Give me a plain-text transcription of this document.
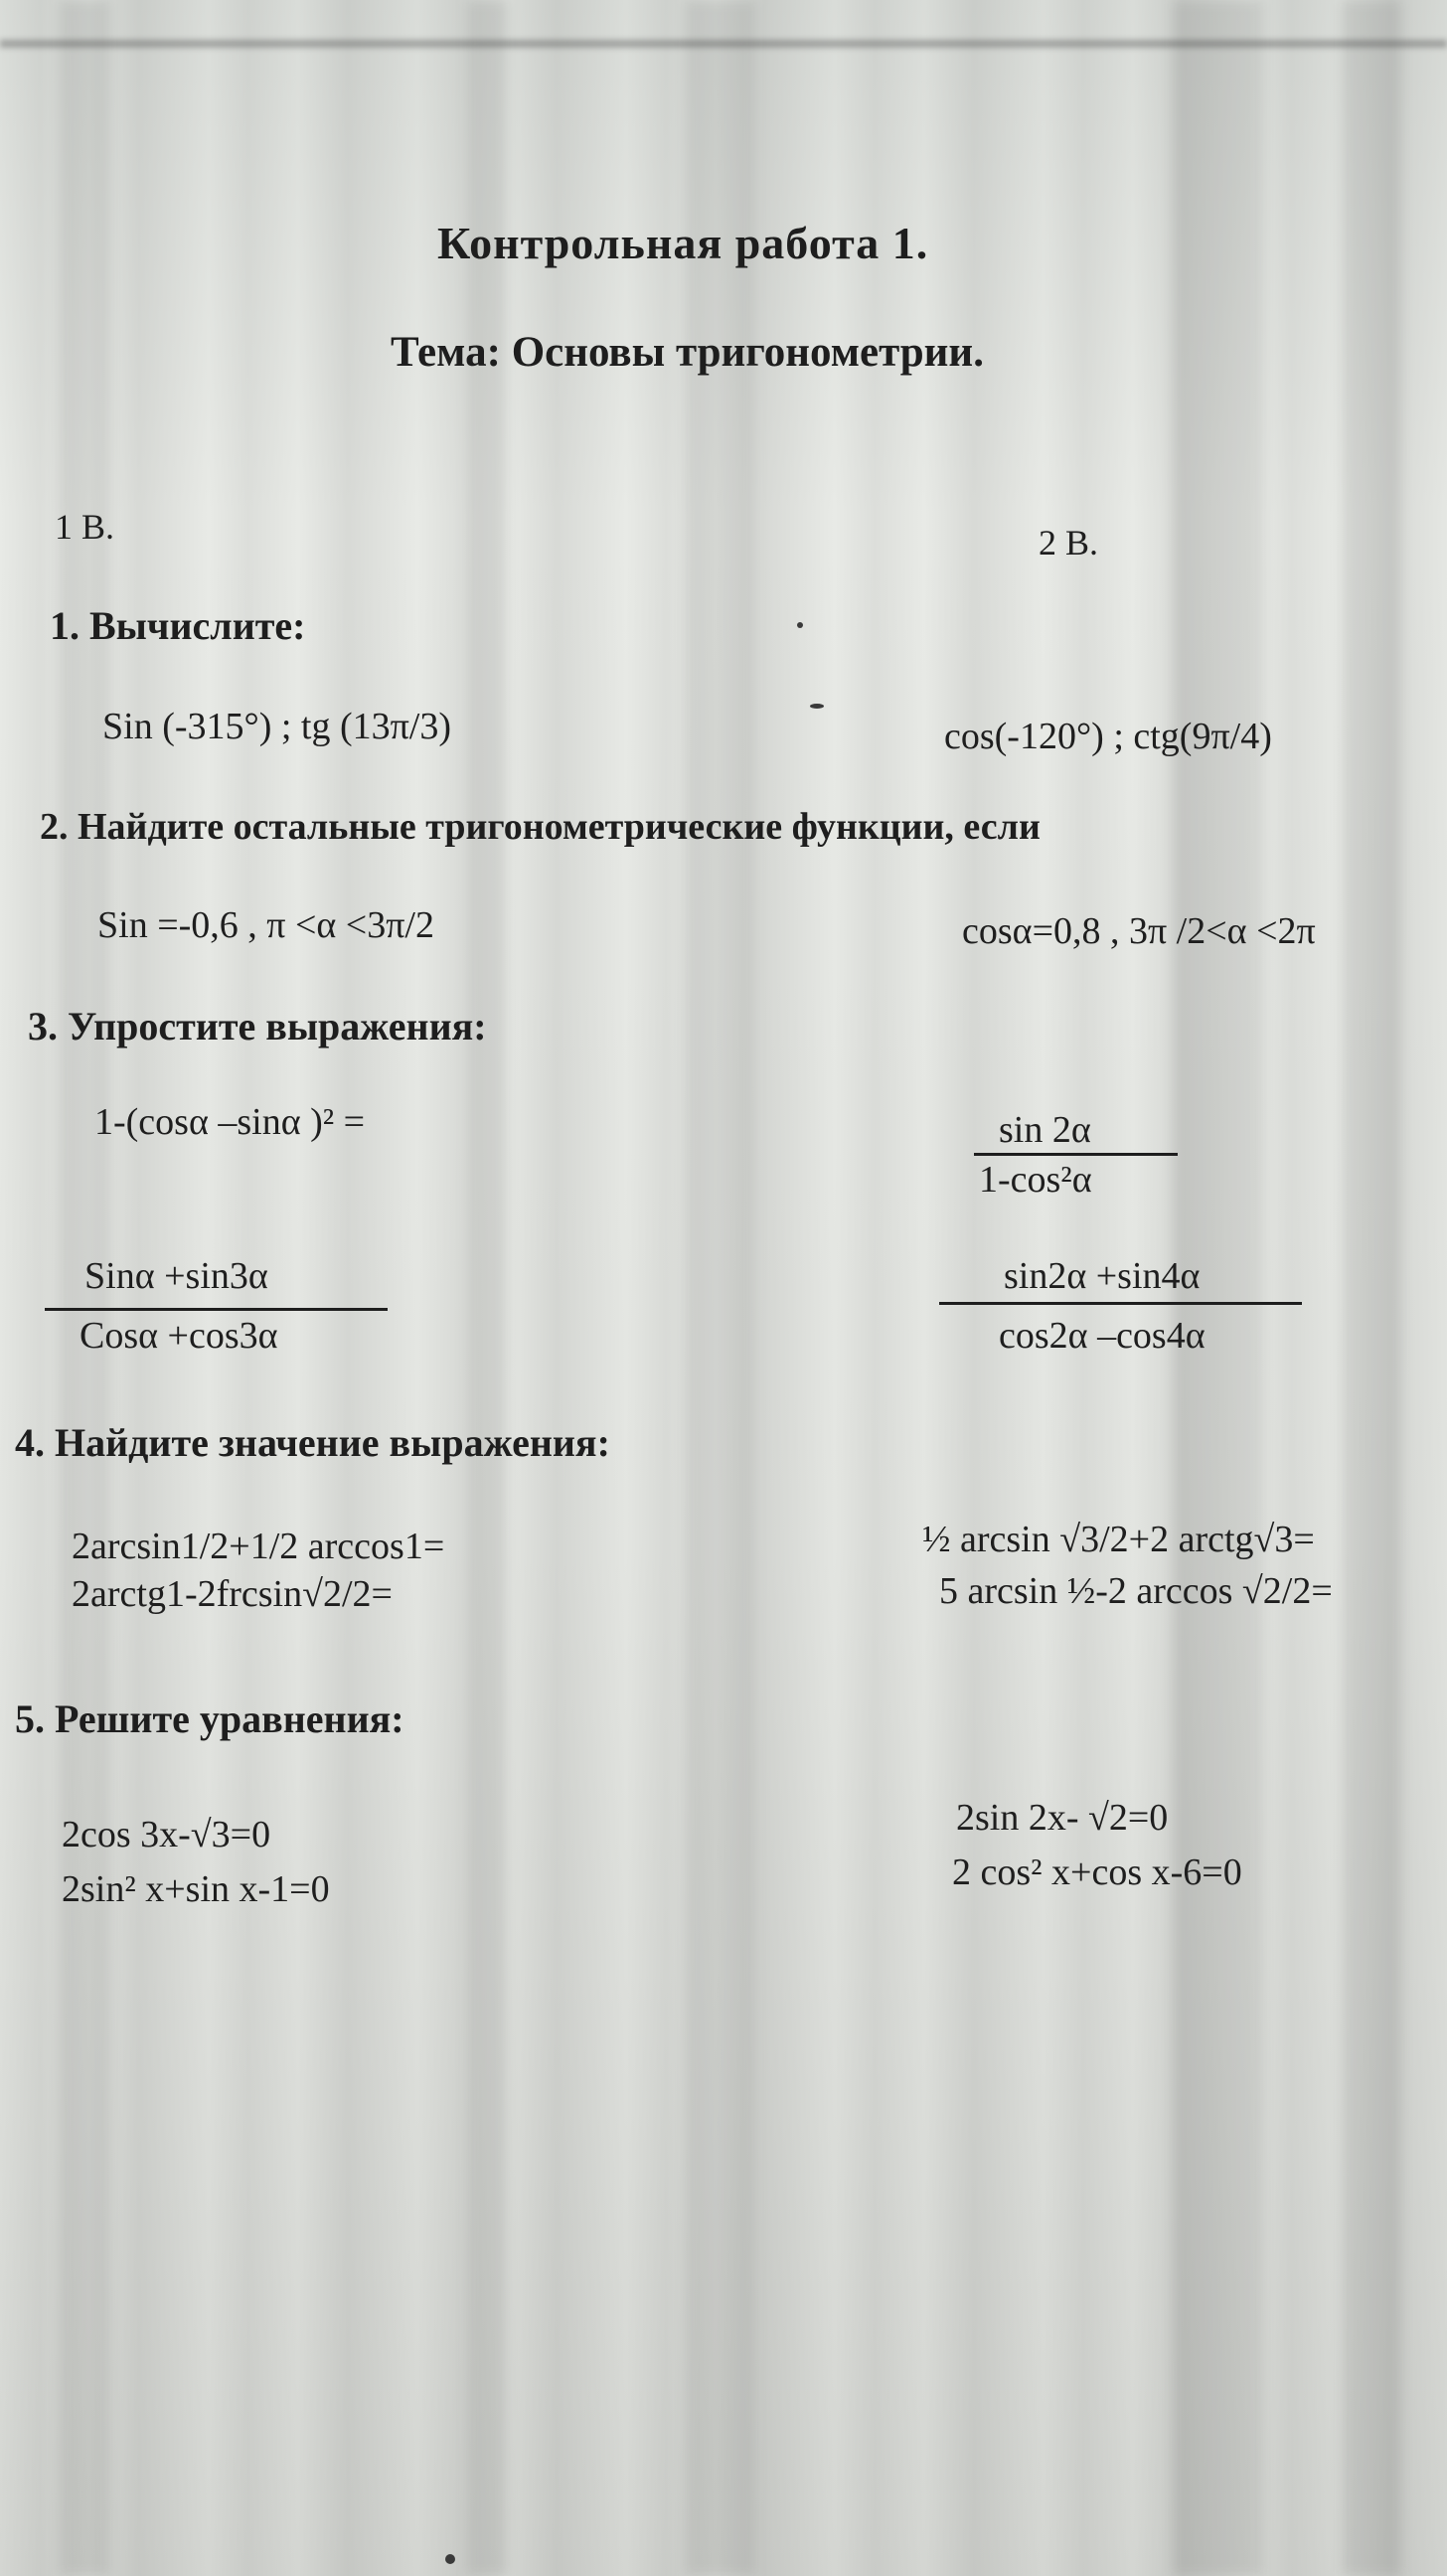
Контрольная работа 1.
Тема: Основы тригонометрии.
1 В.	2 В.
1. Вычислите:
Sin (-315°) ; tg (13π/3)	cos(-120°) ; ctg(9π/4)
2. Найдите остальные тригонометрические функции, если
Sin =-0,6 , π <α <3π/2	cosα=0,8 , 3π /2<α <2π
3. Упростите выражения:
1-(cosα –sinα )² =	sin 2α
1-cos²α
Sinα +sin3α
Cosα +cos3α
sin2α +sin4α
cos2α –cos4α
4. Найдите значение выражения:
2arcsin1/2+1/2 arccos1=
2arctg1-2frcsin√2/2=
½ arcsin √3/2+2 arctg√3=
5 arcsin ½-2 arccos √2/2=
5. Решите уравнения:
2cos 3x-√3=0
2sin² x+sin x-1=0
2sin 2x- √2=0
2 cos² x+cos x-6=0
